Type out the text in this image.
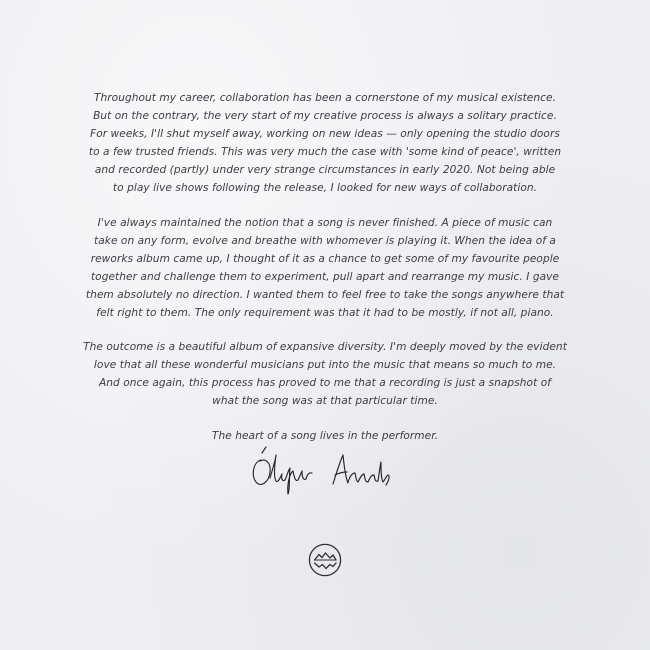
Throughout my career, collaboration has been a cornerstone of my musical existence.
But on the contrary, the very start of my creative process is always a solitary practice.
For weeks, I'll shut myself away, working on new ideas — only opening the studio doors
to a few trusted friends. This was very much the case with 'some kind of peace', written
and recorded (partly) under very strange circumstances in early 2020. Not being able
to play live shows following the release, I looked for new ways of collaboration.

I've always maintained the notion that a song is never finished. A piece of music can
take on any form, evolve and breathe with whomever is playing it. When the idea of a
reworks album came up, I thought of it as a chance to get some of my favourite people
together and challenge them to experiment, pull apart and rearrange my music. I gave
them absolutely no direction. I wanted them to feel free to take the songs anywhere that
felt right to them. The only requirement was that it had to be mostly, if not all, piano.

The outcome is a beautiful album of expansive diversity. I'm deeply moved by the evident
love that all these wonderful musicians put into the music that means so much to me.
And once again, this process has proved to me that a recording is just a snapshot of
what the song was at that particular time.

The heart of a song lives in the performer.
